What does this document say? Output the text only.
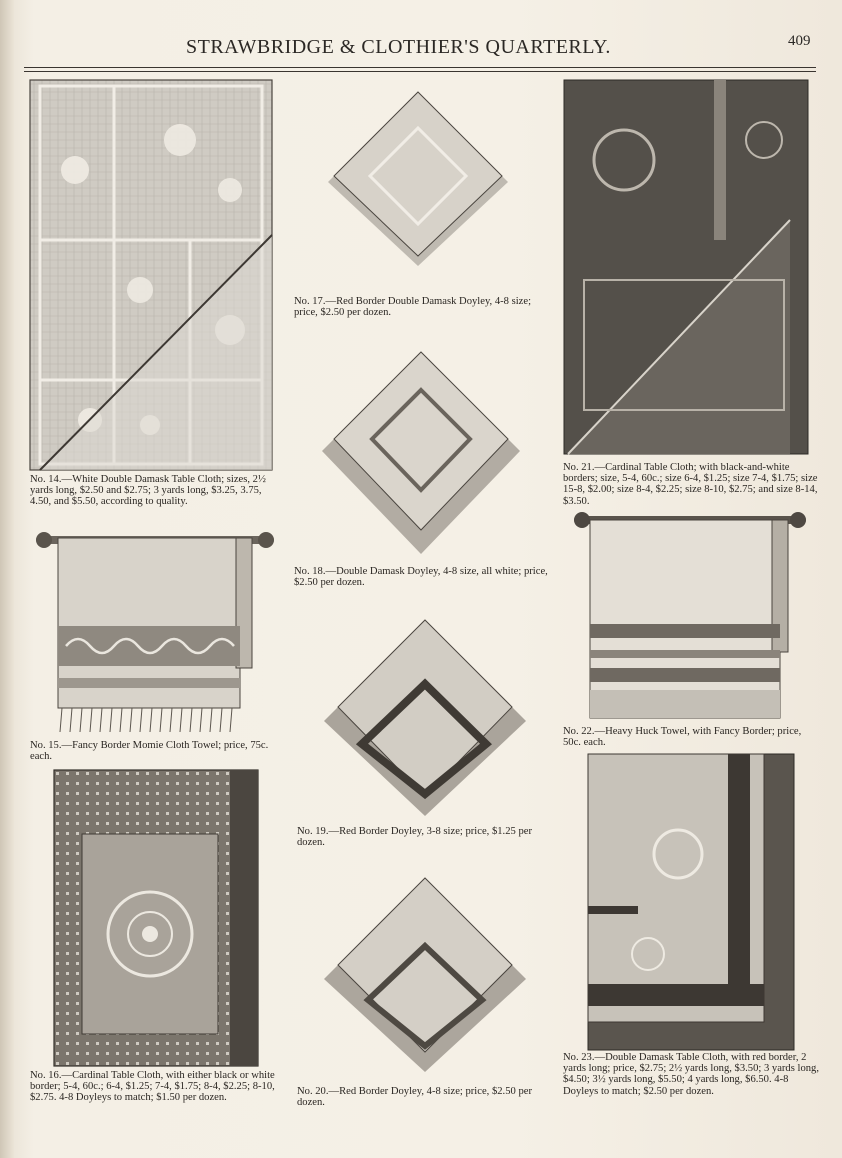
STRAWBRIDGE & CLOTHIER'S QUARTERLY.	409
No. 14.—White Double Damask Table Cloth; sizes, 2½ yards long, $2.50 and $2.75; 3 yards long, $3.25, 3.75, 4.50, and $5.50, according to quality.
No. 15.—Fancy Border Momie Cloth Towel; price, 75c. each.
No. 16.—Cardinal Table Cloth, with either black or white border; 5-4, 60c.; 6-4, $1.25; 7-4, $1.75; 8-4, $2.25; 8-10, $2.75. 4-8 Doyleys to match; $1.50 per dozen.
No. 17.—Red Border Double Damask Doyley, 4-8 size; price, $2.50 per dozen.
No. 18.—Double Damask Doyley, 4-8 size, all white; price, $2.50 per dozen.
No. 19.—Red Border Doyley, 3-8 size; price, $1.25 per dozen.
No. 20.—Red Border Doyley, 4-8 size; price, $2.50 per dozen.
No. 21.—Cardinal Table Cloth; with black-and-white borders; size, 5-4, 60c.; size 6-4, $1.25; size 7-4, $1.75; size 15-8, $2.00; size 8-4, $2.25; size 8-10, $2.75; and size 8-14, $3.50.
No. 22.—Heavy Huck Towel, with Fancy Border; price, 50c. each.
No. 23.—Double Damask Table Cloth, with red border, 2 yards long; price, $2.75; 2½ yards long, $3.50; 3 yards long, $4.50; 3½ yards long, $5.50; 4 yards long, $6.50. 4-8 Doyleys to match; $2.50 per dozen.
